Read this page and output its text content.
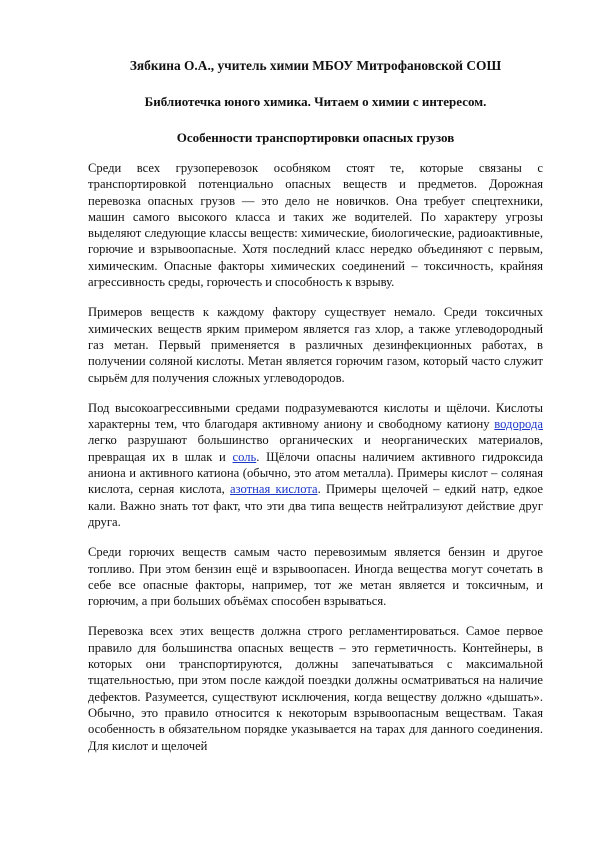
Зябкина О.А., учитель химии МБОУ Митрофановской СОШ

Библиотечка юного химика. Читаем о химии с интересом.

Особенности транспортировки опасных грузов

Среди всех грузоперевозок особняком стоят те, которые связаны с транспортировкой потенциально опасных веществ и предметов. Дорожная перевозка опасных грузов — это дело не новичков. Она требует спецтехники, машин самого высокого класса и таких же водителей. По характеру угрозы выделяют следующие классы веществ: химические, биологические, радиоактивные, горючие и взрывоопасные. Хотя последний класс нередко объединяют с первым, химическим. Опасные факторы химических соединений – токсичность, крайняя агрессивность среды, горючесть и способность к взрыву.

Примеров веществ к каждому фактору существует немало. Среди токсичных химических веществ ярким примером является газ хлор, а также углеводородный газ метан. Первый применяется в различных дезинфекционных работах, в получении соляной кислоты. Метан является горючим газом, который часто служит сырьём для получения сложных углеводородов.

Под высокоагрессивными средами подразумеваются кислоты и щёлочи. Кислоты характерны тем, что благодаря активному аниону и свободному катиону водорода легко разрушают большинство органических и неорганических материалов, превращая их в шлак и соль. Щёлочи опасны наличием активного гидроксида аниона и активного катиона (обычно, это атом металла). Примеры кислот – соляная кислота, серная кислота, азотная кислота. Примеры щелочей – едкий натр, едкое кали. Важно знать тот факт, что эти два типа веществ нейтрализуют действие друг друга.

Среди горючих веществ самым часто перевозимым является бензин и другое топливо. При этом бензин ещё и взрывоопасен. Иногда вещества могут сочетать в себе все опасные факторы, например, тот же метан является и токсичным, и горючим, а при больших объёмах способен взрываться.

Перевозка всех этих веществ должна строго регламентироваться. Самое первое правило для большинства опасных веществ – это герметичность. Контейнеры, в которых они транспортируются, должны запечатываться с максимальной тщательностью, при этом после каждой поездки должны осматриваться на наличие дефектов. Разумеется, существуют исключения, когда веществу должно «дышать». Обычно, это правило относится к некоторым взрывоопасным веществам. Такая особенность в обязательном порядке указывается на тарах для данного соединения. Для кислот и щелочей
